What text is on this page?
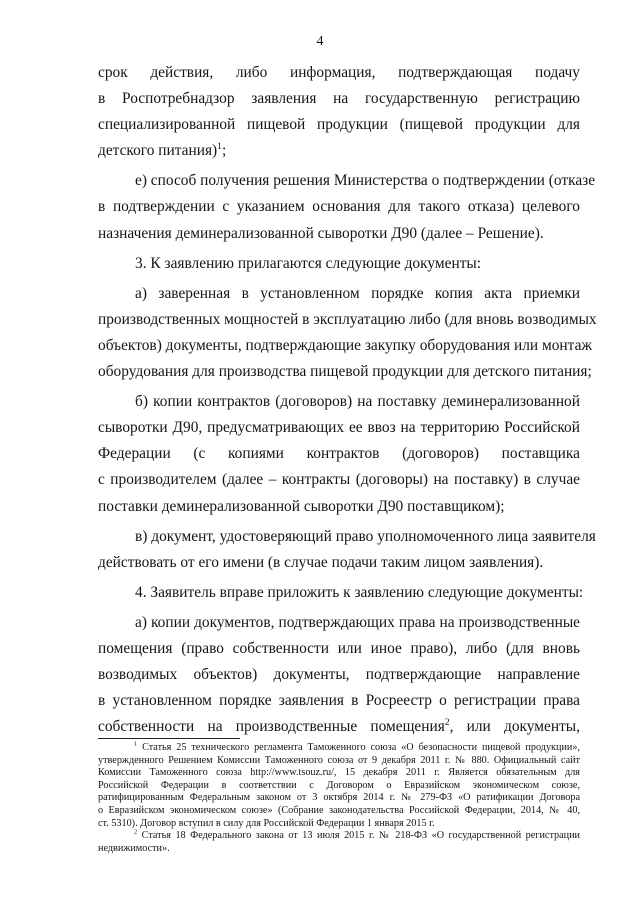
4
срок действия, либо информация, подтверждающая подачу
в Роспотребнадзор заявления на государственную регистрацию
специализированной пищевой продукции (пищевой продукции для
детского питания)$^1$;
е) способ получения решения Министерства о подтверждении (отказе
в подтверждении с указанием основания для такого отказа) целевого
назначения деминерализованной сыворотки Д90 (далее – Решение).
3. К заявлению прилагаются следующие документы:
а) заверенная в установленном порядке копия акта приемки
производственных мощностей в эксплуатацию либо (для вновь возводимых
объектов) документы, подтверждающие закупку оборудования или монтаж
оборудования для производства пищевой продукции для детского питания;
б) копии контрактов (договоров) на поставку деминерализованной
сыворотки Д90, предусматривающих ее ввоз на территорию Российской
Федерации (с копиями контрактов (договоров) поставщика
с производителем (далее – контракты (договоры) на поставку) в случае
поставки деминерализованной сыворотки Д90 поставщиком);
в) документ, удостоверяющий право уполномоченного лица заявителя
действовать от его имени (в случае подачи таким лицом заявления).
4. Заявитель вправе приложить к заявлению следующие документы:
а) копии документов, подтверждающих права на производственные
помещения (право собственности или иное право), либо (для вновь
возводимых объектов) документы, подтверждающие направление
в установленном порядке заявления в Росреестр о регистрации права
собственности на производственные помещения$^2$, или документы,
$^1$ Статья 25 технического регламента Таможенного союза «О безопасности пищевой продукции»,
утвержденного Решением Комиссии Таможенного союза от 9 декабря 2011 г. № 880. Официальный сайт
Комиссии Таможенного союза http://www.tsouz.ru/, 15 декабря 2011 г. Является обязательным для
Российской Федерации в соответствии с Договором о Евразийском экономическом союзе,
ратифицированным Федеральным законом от 3 октября 2014 г. № 279-ФЗ «О ратификации Договора
о Евразийском экономическом союзе» (Собрание законодательства Российской Федерации, 2014, № 40,
ст. 5310). Договор вступил в силу для Российской Федерации 1 января 2015 г.
$^2$ Статья 18 Федерального закона от 13 июля 2015 г. № 218-ФЗ «О государственной регистрации
недвижимости».
